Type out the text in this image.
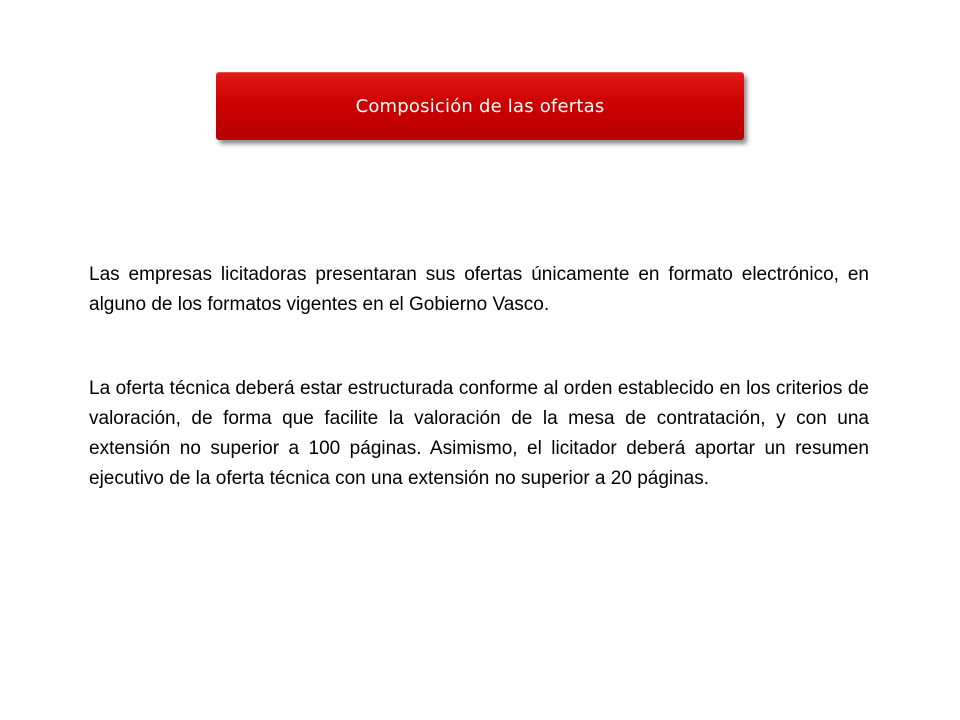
Composición de las ofertas

Las empresas licitadoras presentaran sus ofertas únicamente en formato electrónico, en alguno de los formatos vigentes en el Gobierno Vasco.

La oferta técnica deberá estar estructurada conforme al orden establecido en los criterios de valoración, de forma que facilite la valoración de la mesa de contratación, y con una extensión no superior a 100 páginas. Asimismo, el licitador deberá aportar un resumen ejecutivo de la oferta técnica con una extensión no superior a 20 páginas.
